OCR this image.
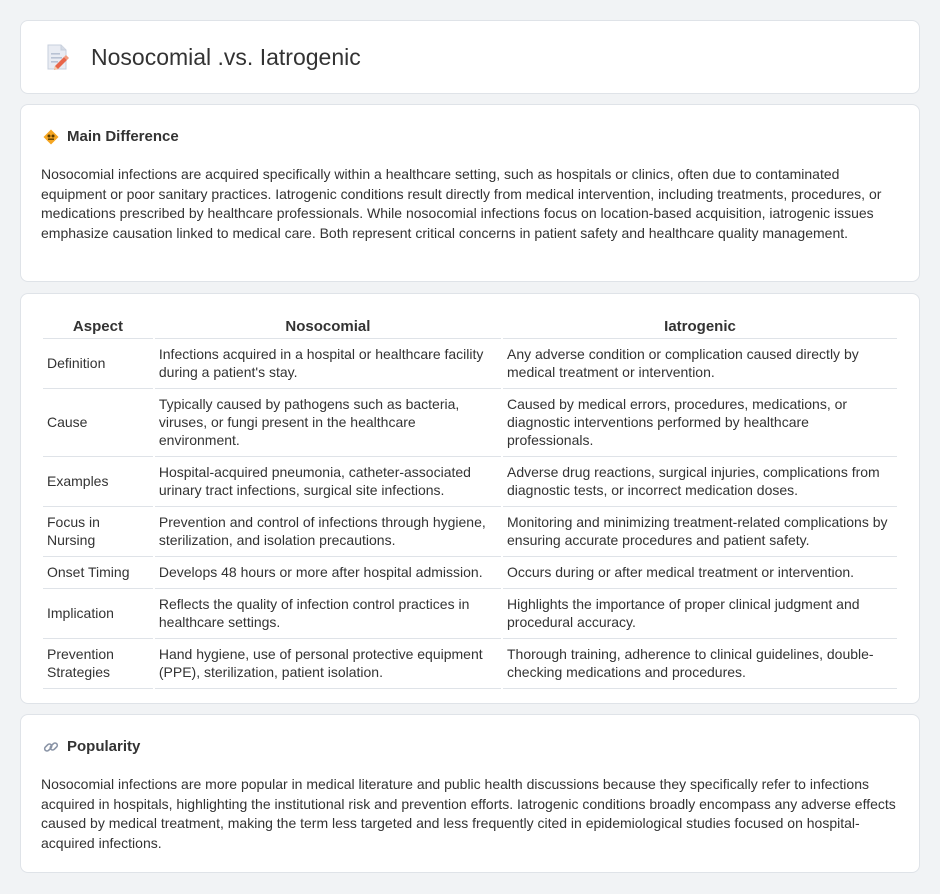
Nosocomial .vs. Iatrogenic
Main Difference

Nosocomial infections are acquired specifically within a healthcare setting, such as hospitals or clinics, often due to contaminated equipment or poor sanitary practices. Iatrogenic conditions result directly from medical intervention, including treatments, procedures, or medications prescribed by healthcare professionals. While nosocomial infections focus on location-based acquisition, iatrogenic issues emphasize causation linked to medical care. Both represent critical concerns in patient safety and healthcare quality management.

Aspect	Nosocomial	Iatrogenic
Definition	Infections acquired in a hospital or healthcare facility during a patient's stay.	Any adverse condition or complication caused directly by medical treatment or intervention.
Cause	Typically caused by pathogens such as bacteria, viruses, or fungi present in the healthcare environment.	Caused by medical errors, procedures, medications, or diagnostic interventions performed by healthcare professionals.
Examples	Hospital-acquired pneumonia, catheter-associated urinary tract infections, surgical site infections.	Adverse drug reactions, surgical injuries, complications from diagnostic tests, or incorrect medication doses.
Focus in Nursing	Prevention and control of infections through hygiene, sterilization, and isolation precautions.	Monitoring and minimizing treatment-related complications by ensuring accurate procedures and patient safety.
Onset Timing	Develops 48 hours or more after hospital admission.	Occurs during or after medical treatment or intervention.
Implication	Reflects the quality of infection control practices in healthcare settings.	Highlights the importance of proper clinical judgment and procedural accuracy.
Prevention Strategies	Hand hygiene, use of personal protective equipment (PPE), sterilization, patient isolation.	Thorough training, adherence to clinical guidelines, double-checking medications and procedures.
Popularity

Nosocomial infections are more popular in medical literature and public health discussions because they specifically refer to infections acquired in hospitals, highlighting the institutional risk and prevention efforts. Iatrogenic conditions broadly encompass any adverse effects caused by medical treatment, making the term less targeted and less frequently cited in epidemiological studies focused on hospital-acquired infections.
